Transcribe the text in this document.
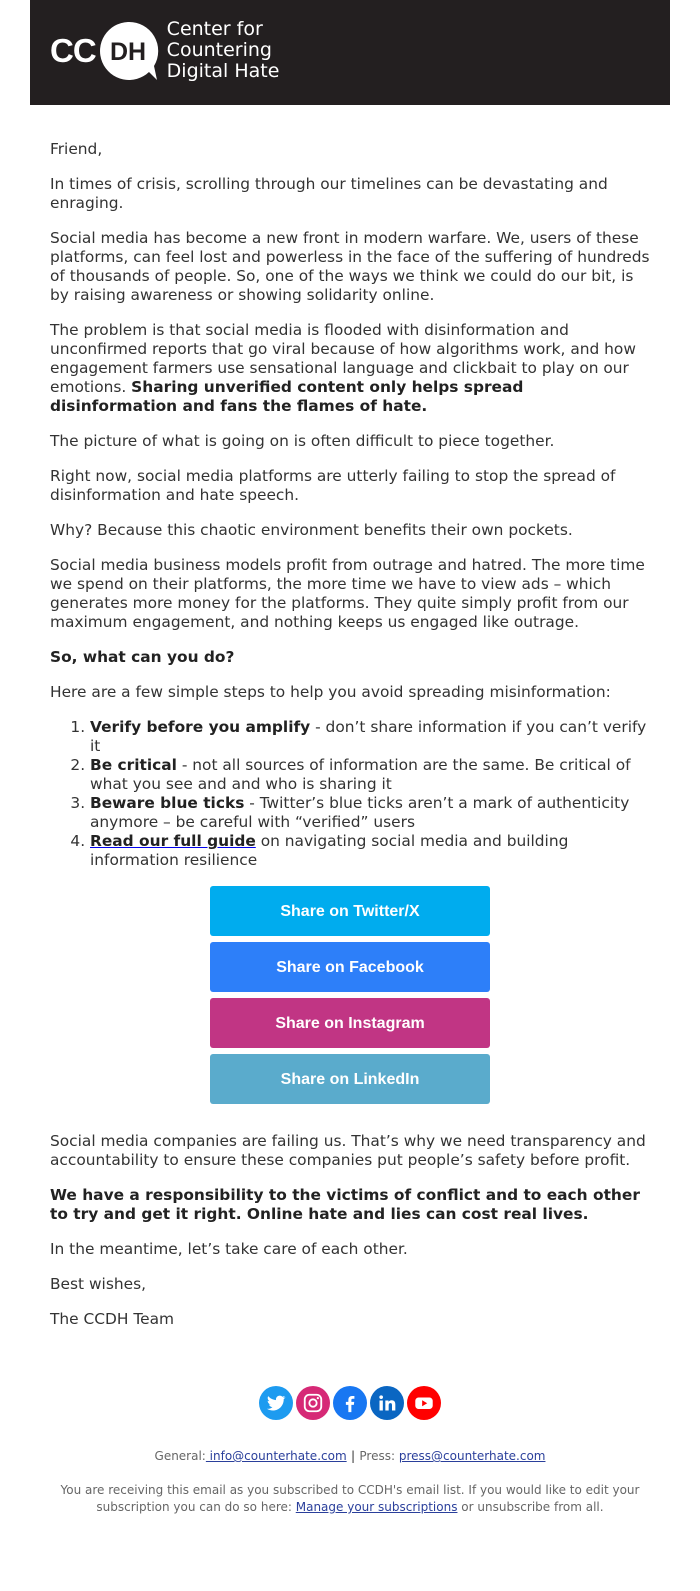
CC DH
Center for
Countering
Digital Hate

Friend,

In times of crisis, scrolling through our timelines can be devastating and enraging.

Social media has become a new front in modern warfare. We, users of these platforms, can feel lost and powerless in the face of the suffering of hundreds of thousands of people. So, one of the ways we think we could do our bit, is by raising awareness or showing solidarity online.

The problem is that social media is flooded with disinformation and unconfirmed reports that go viral because of how algorithms work, and how engagement farmers use sensational language and clickbait to play on our emotions. Sharing unverified content only helps spread disinformation and fans the flames of hate.

The picture of what is going on is often difficult to piece together.

Right now, social media platforms are utterly failing to stop the spread of disinformation and hate speech.

Why? Because this chaotic environment benefits their own pockets.

Social media business models profit from outrage and hatred. The more time we spend on their platforms, the more time we have to view ads – which generates more money for the platforms. They quite simply profit from our maximum engagement, and nothing keeps us engaged like outrage.

So, what can you do?

Here are a few simple steps to help you avoid spreading misinformation:

1. Verify before you amplify - don’t share information if you can’t verify it
2. Be critical - not all sources of information are the same. Be critical of what you see and and who is sharing it
3. Beware blue ticks - Twitter’s blue ticks aren’t a mark of authenticity anymore – be careful with “verified” users
4. Read our full guide on navigating social media and building information resilience
Share on Twitter/X
Share on Facebook
Share on Instagram
Share on LinkedIn

Social media companies are failing us. That’s why we need transparency and accountability to ensure these companies put people’s safety before profit.

We have a responsibility to the victims of conflict and to each other to try and get it right. Online hate and lies can cost real lives.

In the meantime, let’s take care of each other.

Best wishes,

The CCDH Team

General: info@counterhate.com | Press: press@counterhate.com
You are receiving this email as you subscribed to CCDH's email list. If you would like to edit your subscription you can do so here: Manage your subscriptions or unsubscribe from all.
